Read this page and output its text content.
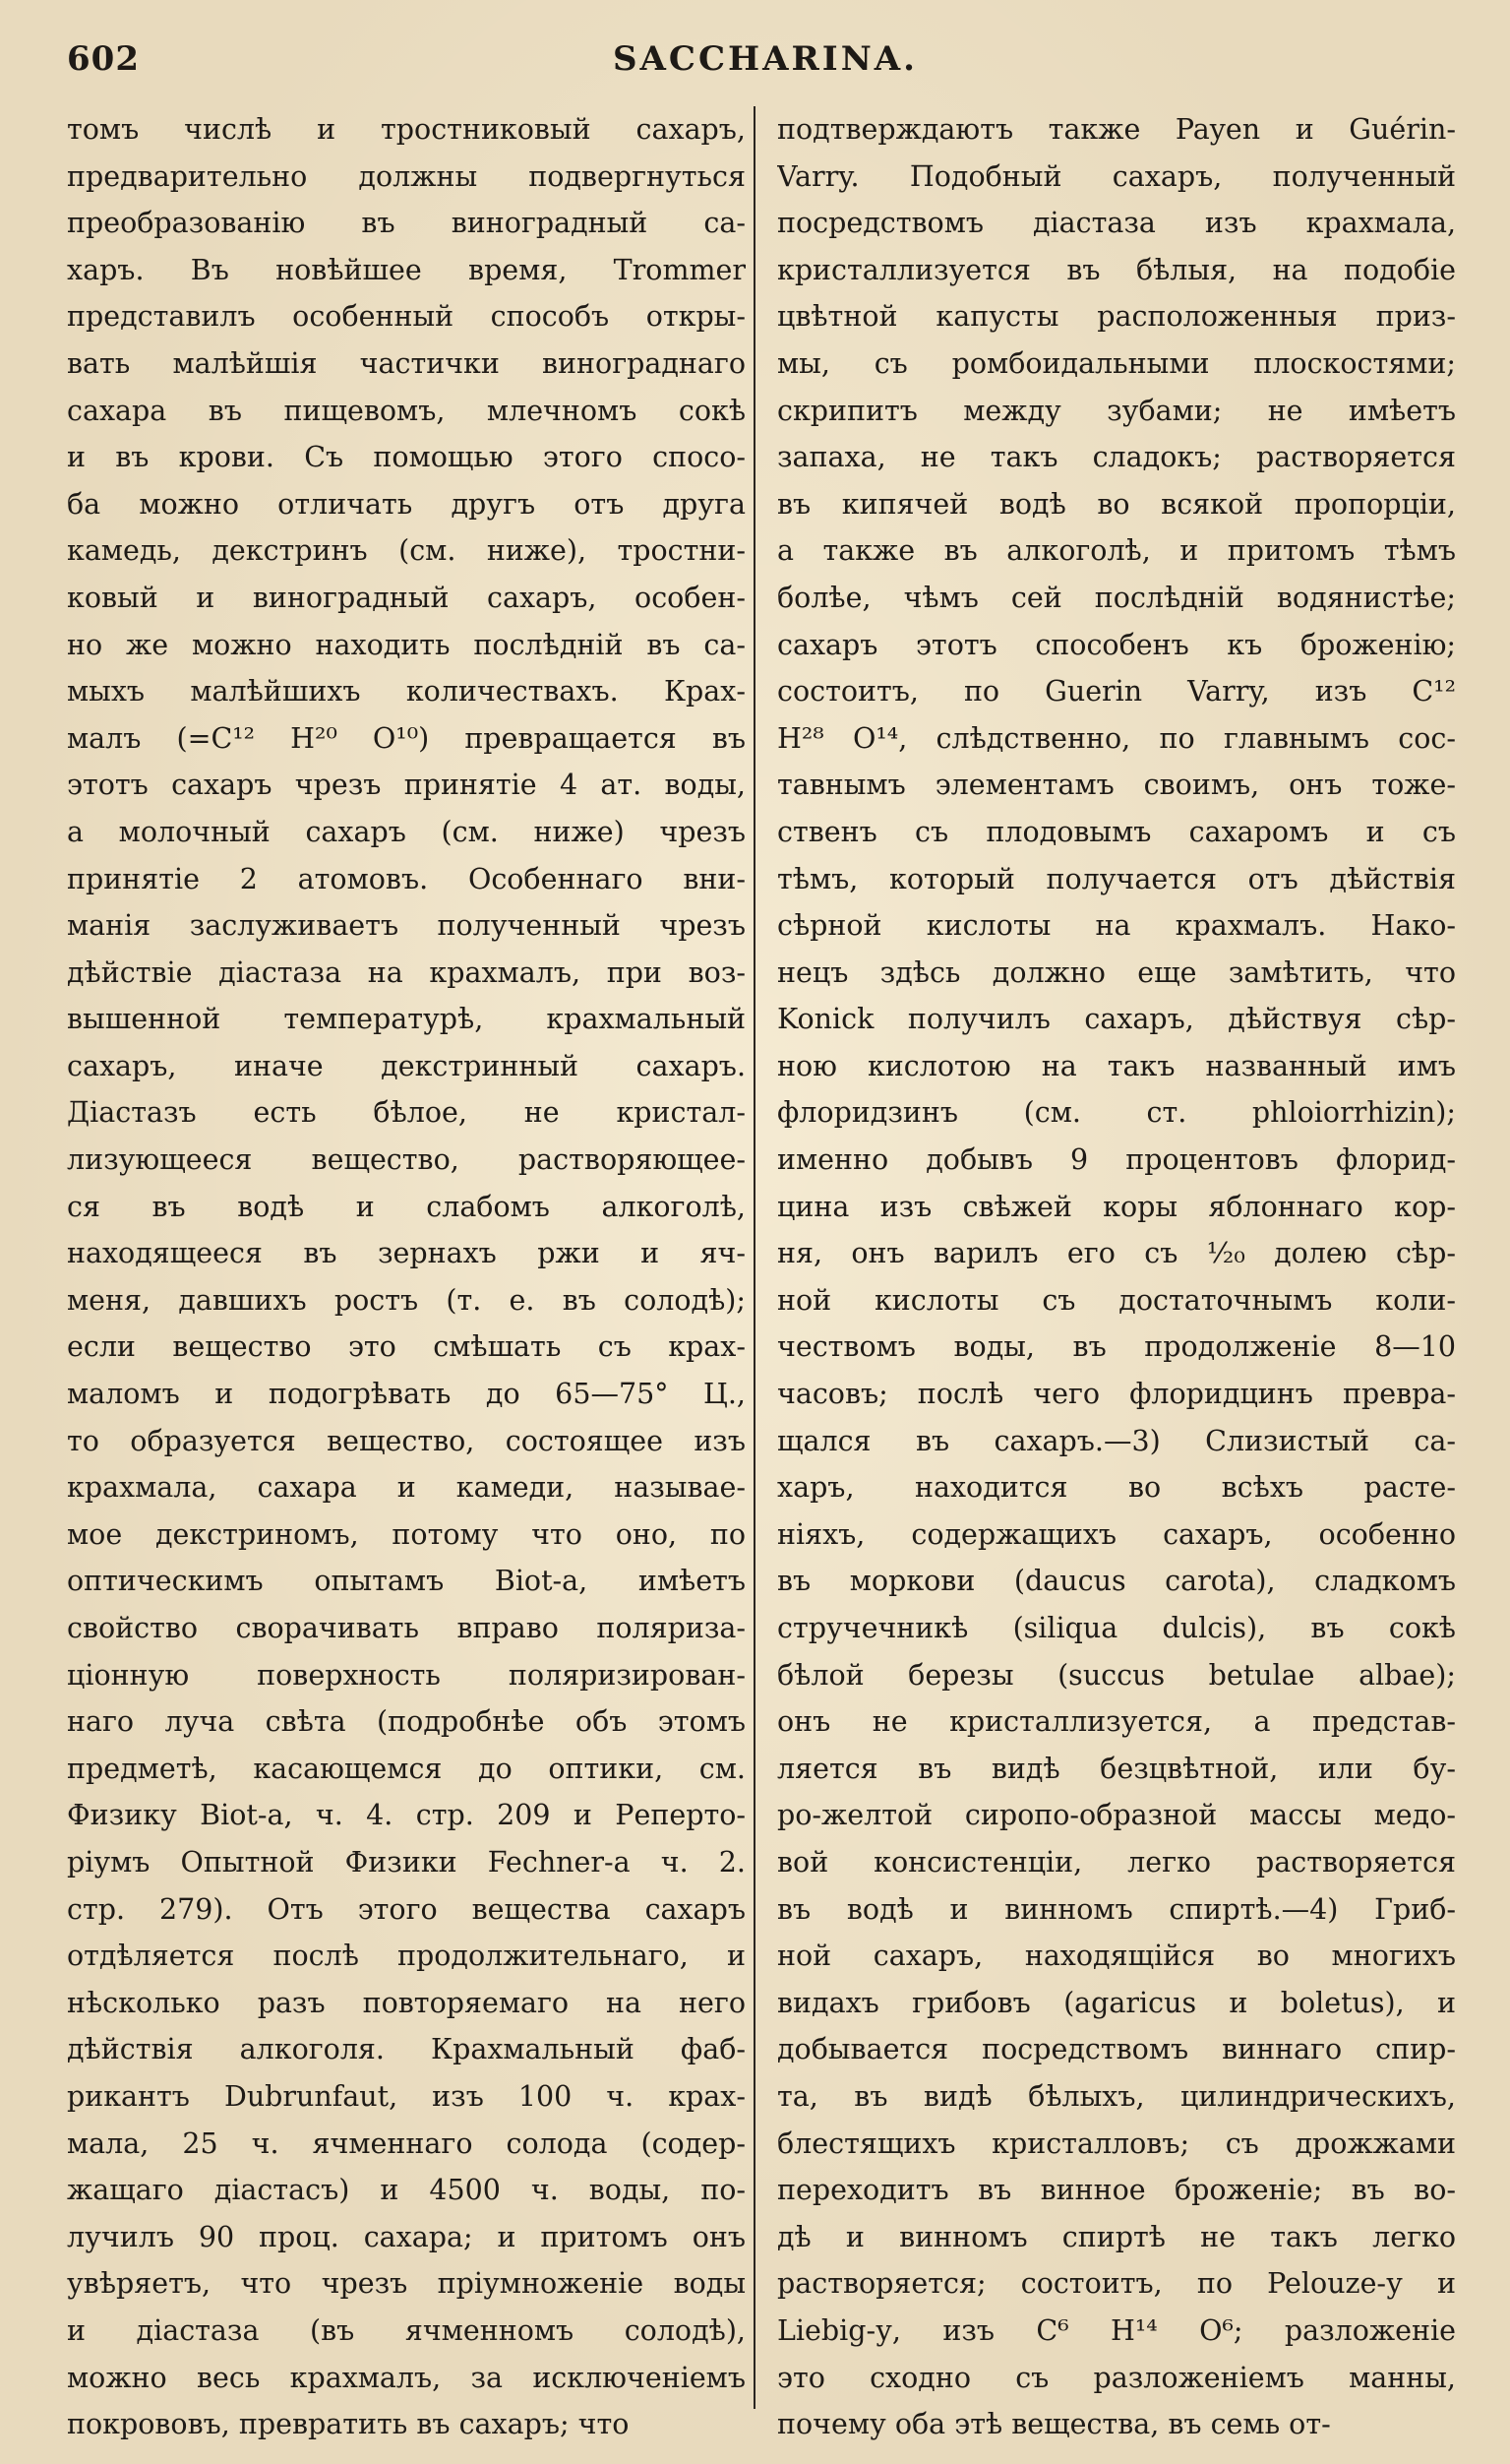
602	SACCHARINA.
томъ числѣ и тростниковый сахаръ,
предварительно должны подвергнуться
преобразованію въ виноградный са-
харъ. Въ новѣйшее время, Trommer
представилъ особенный способъ откры-
вать малѣйшія частички винограднаго
сахара въ пищевомъ, млечномъ сокѣ
и въ крови. Съ помощью этого спосо-
ба можно отличать другъ отъ друга
камедь, декстринъ (см. ниже), тростни-
ковый и виноградный сахаръ, особен-
но же можно находить послѣдній въ са-
мыхъ малѣйшихъ количествахъ. Крах-
малъ (=C¹² H²⁰ O¹⁰) превращается въ
этотъ сахаръ чрезъ принятіе 4 ат. воды,
а молочный сахаръ (см. ниже) чрезъ
принятіе 2 атомовъ. Особеннаго вни-
манія заслуживаетъ полученный чрезъ
дѣйствіе діастаза на крахмалъ, при воз-
вышенной температурѣ, крахмальный
сахаръ, иначе декстринный сахаръ.
Діастазъ есть бѣлое, не кристал-
лизующееся вещество, растворяющее-
ся въ водѣ и слабомъ алкоголѣ,
находящееся въ зернахъ ржи и яч-
меня, давшихъ ростъ (т. е. въ солодѣ);
если вещество это смѣшать съ крах-
маломъ и подогрѣвать до 65—75° Ц.,
то образуется вещество, состоящее изъ
крахмала, сахара и камеди, называе-
мое декстриномъ, потому что оно, по
оптическимъ опытамъ Biot-а, имѣетъ
свойство сворачивать вправо поляриза-
ціонную поверхность поляризирован-
наго луча свѣта (подробнѣе объ этомъ
предметѣ, касающемся до оптики, см.
Физику Biot-а, ч. 4. стр. 209 и Реперто-
ріумъ Опытной Физики Fechner-а ч. 2.
стр. 279). Отъ этого вещества сахаръ
отдѣляется послѣ продолжительнаго, и
нѣсколько разъ повторяемаго на него
дѣйствія алкоголя. Крахмальный фаб-
рикантъ Dubrunfaut, изъ 100 ч. крах-
мала, 25 ч. ячменнаго солода (содер-
жащаго діастасъ) и 4500 ч. воды, по-
лучилъ 90 проц. сахара; и притомъ онъ
увѣряетъ, что чрезъ пріумноженіе воды
и діастаза (въ ячменномъ солодѣ),
можно весь крахмалъ, за исключеніемъ
покрововъ, превратить въ сахаръ; что
подтверждаютъ также Payen и Guérin-
Varry. Подобный сахаръ, полученный
посредствомъ діастаза изъ крахмала,
кристаллизуется въ бѣлыя, на подобіе
цвѣтной капусты расположенныя приз-
мы, съ ромбоидальными плоскостями;
скрипитъ между зубами; не имѣетъ
запаха, не такъ сладокъ; растворяется
въ кипячей водѣ во всякой пропорціи,
а также въ алкоголѣ, и притомъ тѣмъ
болѣе, чѣмъ сей послѣдній водянистѣе;
сахаръ этотъ способенъ къ броженію;
состоитъ, по Guerin Varry, изъ C¹²
H²⁸ O¹⁴, слѣдственно, по главнымъ сос-
тавнымъ элементамъ своимъ, онъ тоже-
ственъ съ плодовымъ сахаромъ и съ
тѣмъ, который получается отъ дѣйствія
сѣрной кислоты на крахмалъ. Нако-
нецъ здѣсь должно еще замѣтить, что
Konick получилъ сахаръ, дѣйствуя сѣр-
ною кислотою на такъ названный имъ
флоридзинъ (см. ст. phloiorrhizin);
именно добывъ 9 процентовъ флорид-
цина изъ свѣжей коры яблоннаго кор-
ня, онъ варилъ его съ ¹⁄₂₀ долею сѣр-
ной кислоты съ достаточнымъ коли-
чествомъ воды, въ продолженіе 8—10
часовъ; послѣ чего флоридцинъ превра-
щался въ сахаръ.—3) Слизистый са-
харъ, находится во всѣхъ расте-
ніяхъ, содержащихъ сахаръ, особенно
въ моркови (daucus carota), сладкомъ
стручечникѣ (siliqua dulcis), въ сокѣ
бѣлой березы (succus betulae albae);
онъ не кристаллизуется, а представ-
ляется въ видѣ безцвѣтной, или бу-
ро-желтой сиропо-образной массы медо-
вой консистенціи, легко растворяется
въ водѣ и винномъ спиртѣ.—4) Гриб-
ной сахаръ, находящійся во многихъ
видахъ грибовъ (agaricus и boletus), и
добывается посредствомъ виннаго спир-
та, въ видѣ бѣлыхъ, цилиндрическихъ,
блестящихъ кристалловъ; съ дрожжами
переходитъ въ винное броженіе; въ во-
дѣ и винномъ спиртѣ не такъ легко
растворяется; состоитъ, по Pelouze-у и
Liebig-у, изъ C⁶ H¹⁴ O⁶; разложеніе
это сходно съ разложеніемъ манны,
почему оба этѣ вещества, въ семь от-
